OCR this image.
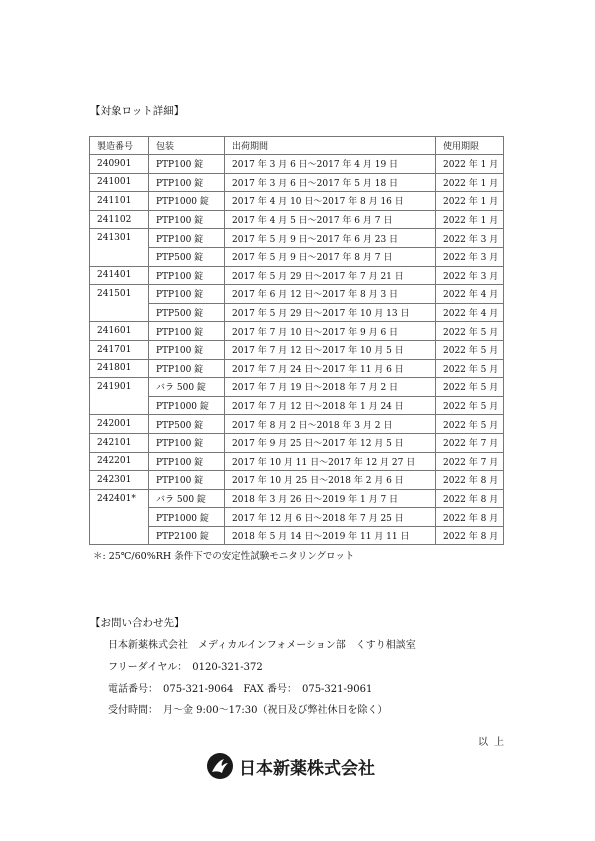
【対象ロット詳細】
製造番号	包装	出荷期間	使用期限
240901	PTP100 錠	2017 年 3 月 6 日〜2017 年 4 月 19 日	2022 年 1 月
241001	PTP100 錠	2017 年 3 月 6 日〜2017 年 5 月 18 日	2022 年 1 月
241101	PTP1000 錠	2017 年 4 月 10 日〜2017 年 8 月 16 日	2022 年 1 月
241102	PTP100 錠	2017 年 4 月 5 日〜2017 年 6 月 7 日	2022 年 1 月
241301	PTP100 錠	2017 年 5 月 9 日〜2017 年 6 月 23 日	2022 年 3 月
	PTP500 錠	2017 年 5 月 9 日〜2017 年 8 月 7 日	2022 年 3 月
241401	PTP100 錠	2017 年 5 月 29 日〜2017 年 7 月 21 日	2022 年 3 月
241501	PTP100 錠	2017 年 6 月 12 日〜2017 年 8 月 3 日	2022 年 4 月
	PTP500 錠	2017 年 5 月 29 日〜2017 年 10 月 13 日	2022 年 4 月
241601	PTP100 錠	2017 年 7 月 10 日〜2017 年 9 月 6 日	2022 年 5 月
241701	PTP100 錠	2017 年 7 月 12 日〜2017 年 10 月 5 日	2022 年 5 月
241801	PTP100 錠	2017 年 7 月 24 日〜2017 年 11 月 6 日	2022 年 5 月
241901	バラ 500 錠	2017 年 7 月 19 日〜2018 年 7 月 2 日	2022 年 5 月
	PTP1000 錠	2017 年 7 月 12 日〜2018 年 1 月 24 日	2022 年 5 月
242001	PTP500 錠	2017 年 8 月 2 日〜2018 年 3 月 2 日	2022 年 5 月
242101	PTP100 錠	2017 年 9 月 25 日〜2017 年 12 月 5 日	2022 年 7 月
242201	PTP100 錠	2017 年 10 月 11 日〜2017 年 12 月 27 日	2022 年 7 月
242301	PTP100 錠	2017 年 10 月 25 日〜2018 年 2 月 6 日	2022 年 8 月
242401*	バラ 500 錠	2018 年 3 月 26 日〜2019 年 1 月 7 日	2022 年 8 月
	PTP1000 錠	2017 年 12 月 6 日〜2018 年 7 月 25 日	2022 年 8 月
	PTP2100 錠	2018 年 5 月 14 日〜2019 年 11 月 11 日	2022 年 8 月
＊: 25℃/60%RH 条件下での安定性試験モニタリングロット
【お問い合わせ先】
日本新薬株式会社　メディカルインフォメーション部　くすり相談室
フリーダイヤル：　0120-321-372
電話番号：　075-321-9064　FAX 番号：　075-321-9061
受付時間：　月〜金 9:00〜17:30（祝日及び弊社休日を除く）
以上
日本新薬株式会社
